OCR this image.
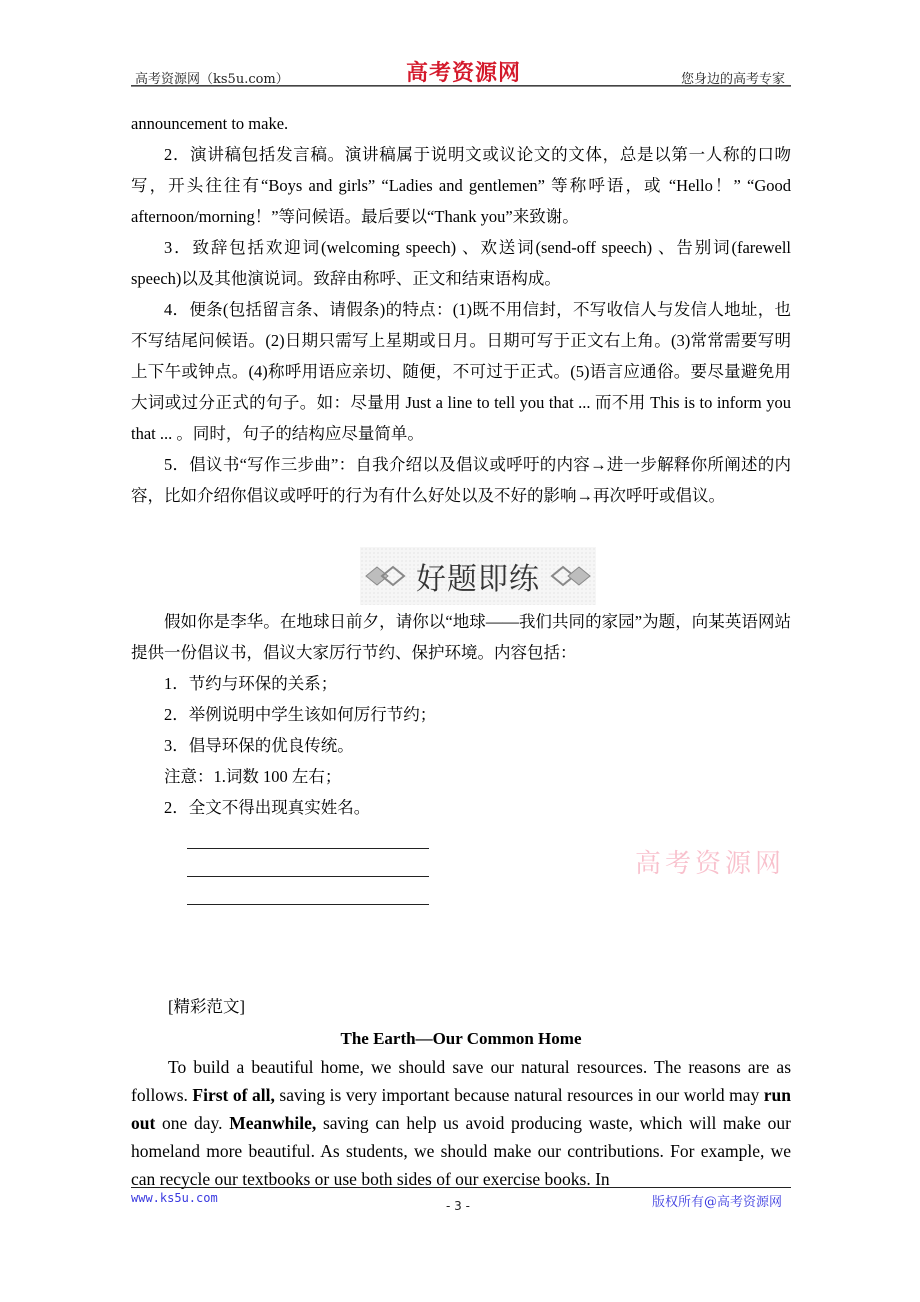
高考资源网（ks5u.com）	高考资源网	您身边的高考专家

announcement to make.

2．演讲稿包括发言稿。演讲稿属于说明文或议论文的文体，总是以第一人称的口吻写，开头往往有“Boys and girls” “Ladies and gentlemen” 等称呼语，或 “Hello！” “Good afternoon/morning！”等问候语。最后要以“Thank you”来致谢。

3．致辞包括欢迎词(welcoming speech) 、欢送词(send-off speech) 、告别词(farewell speech)以及其他演说词。致辞由称呼、正文和结束语构成。

4．便条(包括留言条、请假条)的特点：(1)既不用信封，不写收信人与发信人地址，也不写结尾问候语。(2)日期只需写上星期或日月。日期可写于正文右上角。(3)常常需要写明上下午或钟点。(4)称呼用语应亲切、随便，不可过于正式。(5)语言应通俗。要尽量避免用大词或过分正式的句子。如：尽量用 Just a line to tell you that ... 而不用 This is to inform you that ... 。同时，句子的结构应尽量简单。

5．倡议书“写作三步曲”：自我介绍以及倡议或呼吁的内容→进一步解释你所阐述的内容，比如介绍你倡议或呼吁的行为有什么好处以及不好的影响→再次呼吁或倡议。

好题即练

假如你是李华。在地球日前夕，请你以“地球——我们共同的家园”为题，向某英语网站提供一份倡议书，倡议大家厉行节约、保护环境。内容包括：

1．节约与环保的关系；

2．举例说明中学生该如何厉行节约；

3．倡导环保的优良传统。

注意：1.词数 100 左右；

2．全文不得出现真实姓名。

高考资源网

[精彩范文]

The Earth—Our Common Home

To build a beautiful home, we should save our natural resources. The reasons are as follows. First of all, saving is very important because natural resources in our world may run out one day. Meanwhile, saving can help us avoid producing waste, which will make our homeland more beautiful. As students, we should make our contributions. For example, we can recycle our textbooks or use both sides of our exercise books. In

www.ks5u.com
- 3 -	版权所有@高考资源网
